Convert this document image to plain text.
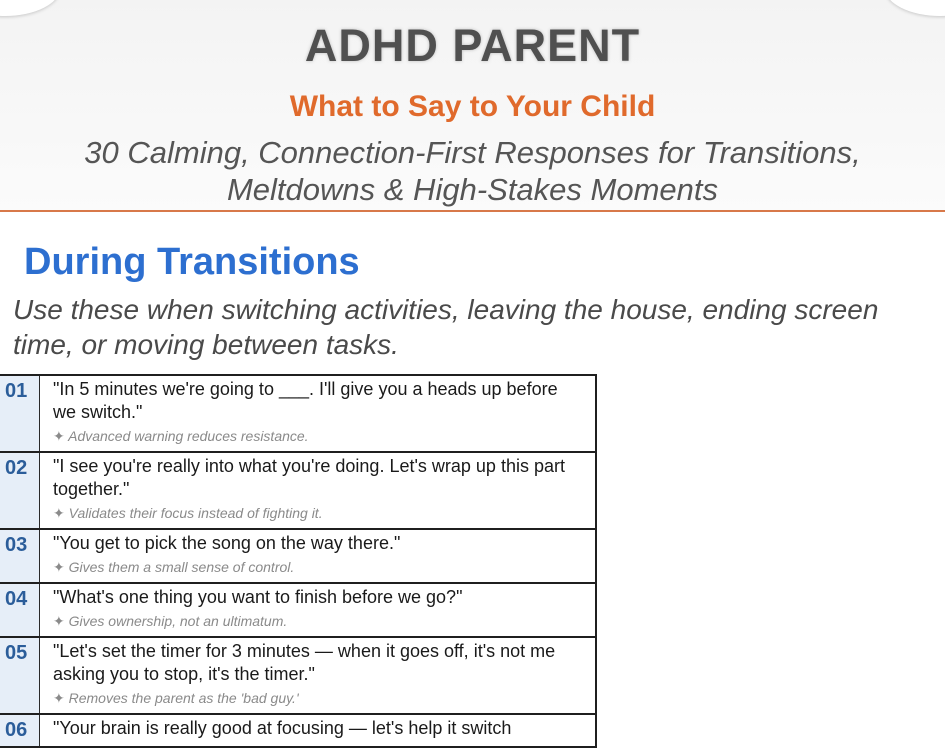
ADHD PARENT
What to Say to Your Child
30 Calming, Connection-First Responses for Transitions, Meltdowns & High-Stakes Moments
During Transitions
Use these when switching activities, leaving the house, ending screen time, or moving between tasks.
01	"In 5 minutes we're going to ___. I'll give you a heads up before we switch."
✦ Advanced warning reduces resistance.
02	"I see you're really into what you're doing. Let's wrap up this part together."
✦ Validates their focus instead of fighting it.
03	"You get to pick the song on the way there."
✦ Gives them a small sense of control.
04	"What's one thing you want to finish before we go?"
✦ Gives ownership, not an ultimatum.
05	"Let's set the timer for 3 minutes — when it goes off, it's not me asking you to stop, it's the timer."
✦ Removes the parent as the 'bad guy.'
06	"Your brain is really good at focusing — let's help it switch
